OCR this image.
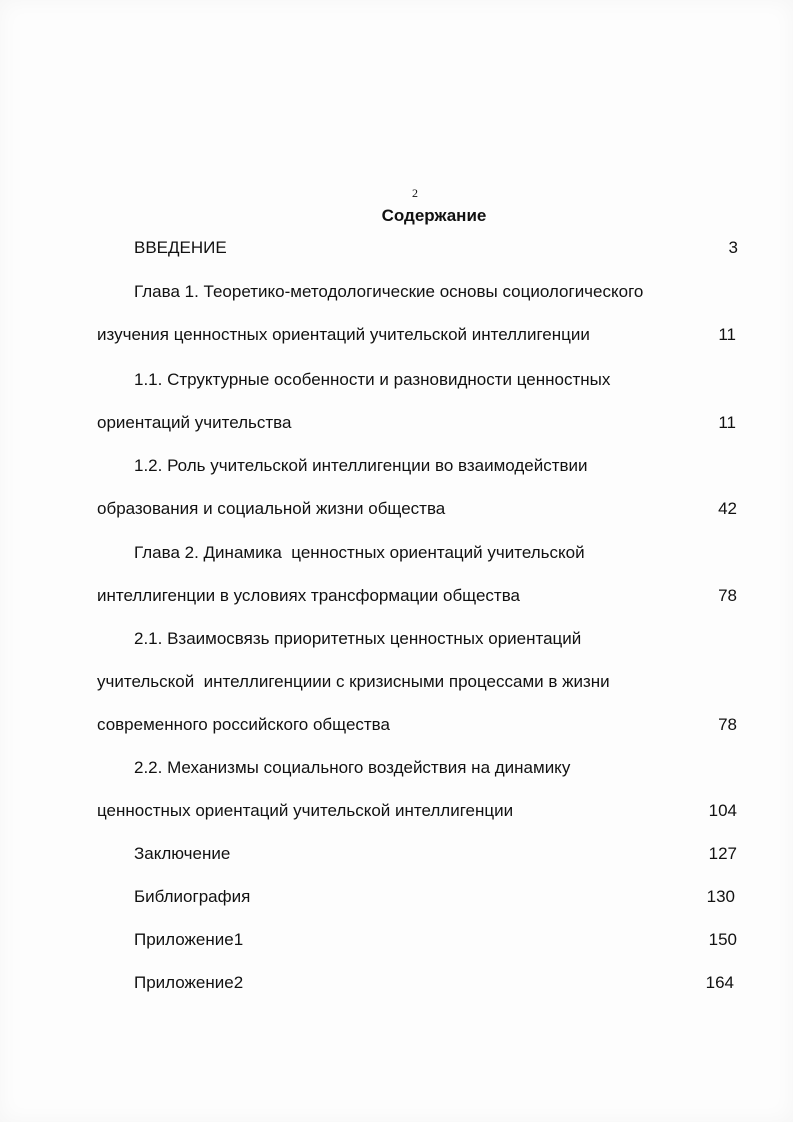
2
Содержание
ВВЕДЕНИЕ	3
Глава 1. Теоретико-методологические основы социологического
изучения ценностных ориентаций учительской интеллигенции	11
1.1. Структурные особенности и разновидности ценностных
ориентаций учительства	11
1.2. Роль учительской интеллигенции во взаимодействии
образования и социальной жизни общества	42
Глава 2. Динамика  ценностных ориентаций учительской
интеллигенции в условиях трансформации общества	78
2.1. Взаимосвязь приоритетных ценностных ориентаций
учительской  интеллигенциии с кризисными процессами в жизни
современного российского общества	78
2.2. Механизмы социального воздействия на динамику
ценностных ориентаций учительской интеллигенции	104
Заключение	127
Библиография	130
Приложение1	150
Приложение2	164
